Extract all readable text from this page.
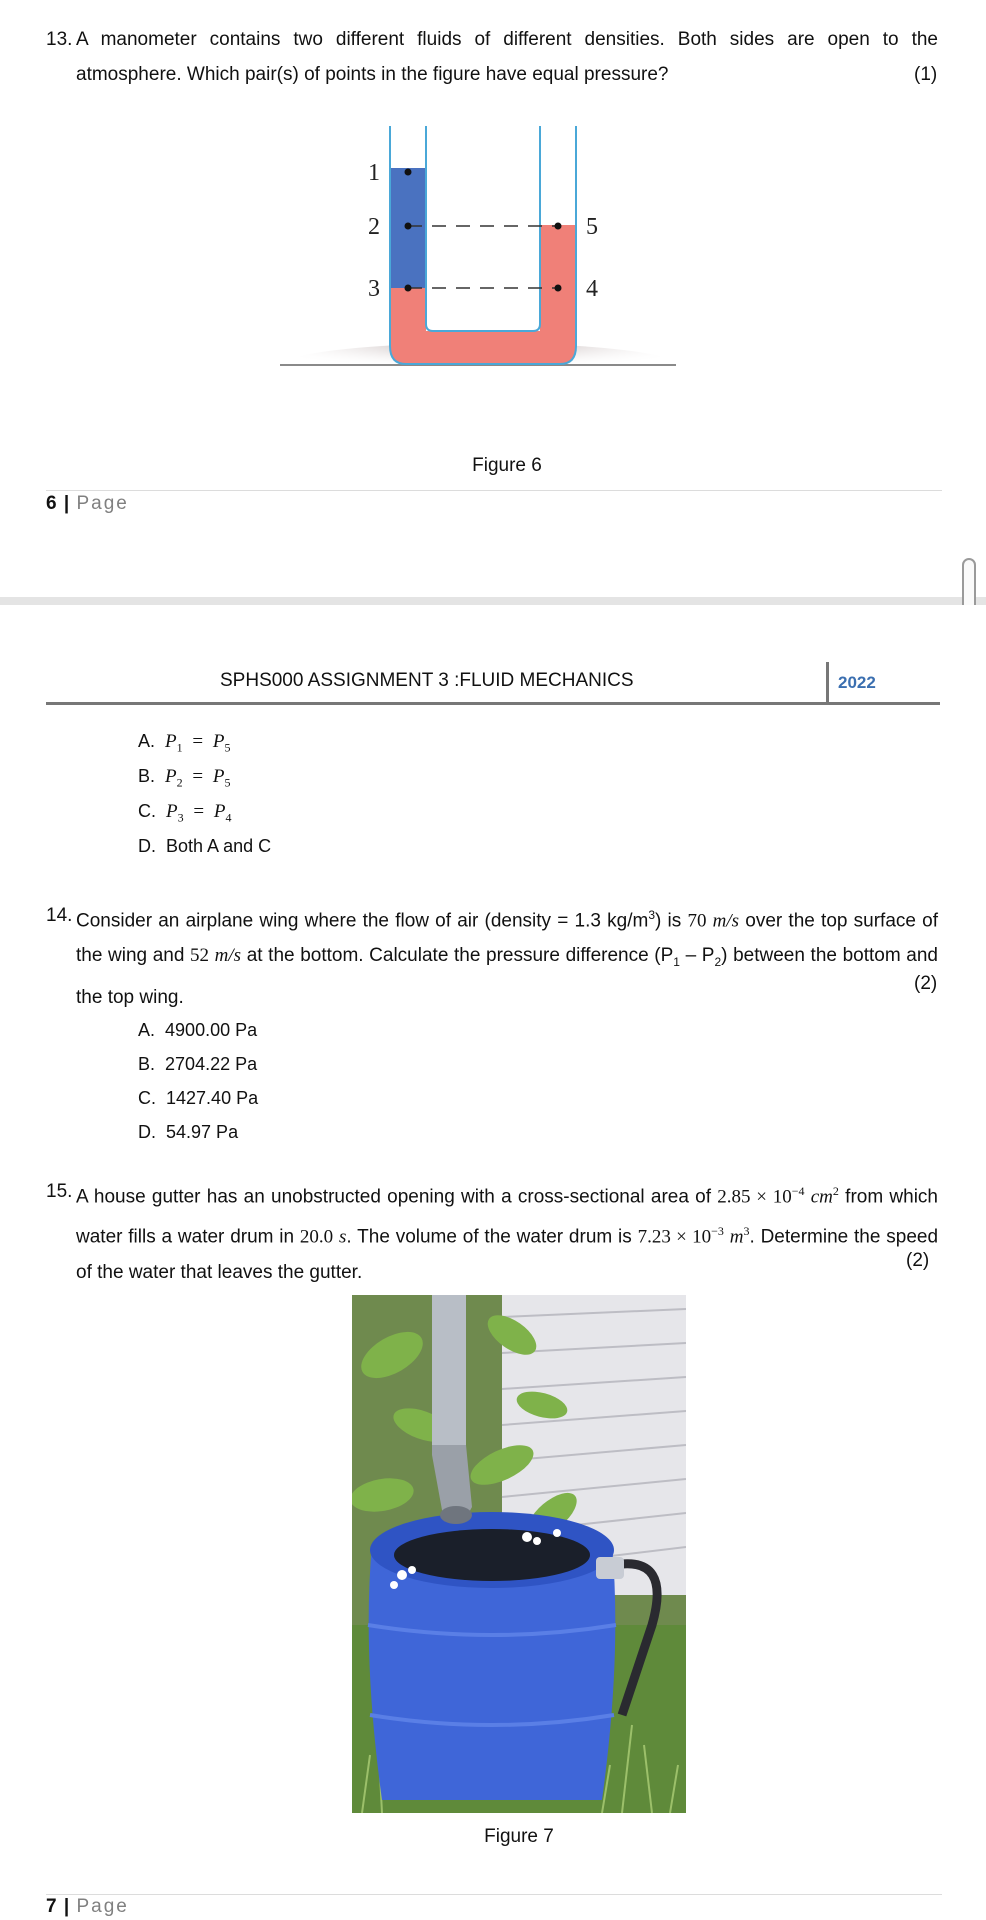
13. A manometer contains two different fluids of different densities. Both sides are open to the atmosphere. Which pair(s) of points in the figure have equal pressure?	(1)
1
2
3
5
4
Figure 6
6 | Page
SPHS000 ASSIGNMENT 3 :FLUID MECHANICS	2022
A. $P_1 = P_5$
B. $P_2 = P_5$
C. $P_3 = P_4$
D. Both A and C
14. Consider an airplane wing where the flow of air (density = 1.3 $kg/m^3$) is 70 m/s over the top surface of the wing and 52 m/s at the bottom. Calculate the pressure difference $(P_1 - P_2)$ between the bottom and the top wing.
(2)
A. 4900.00 Pa
B. 2704.22 Pa
C. 1427.40 Pa
D. 54.97 Pa
15. A house gutter has an unobstructed opening with a cross-sectional area of $2.85 \times 10^{-4}$ $cm^2$ from which water fills a water drum in 20.0 s. The volume of the water drum is $7.23 \times 10^{-3}$ $m^3$. Determine the speed of the water that leaves the gutter.
(2)
Figure 7
7 | Page
